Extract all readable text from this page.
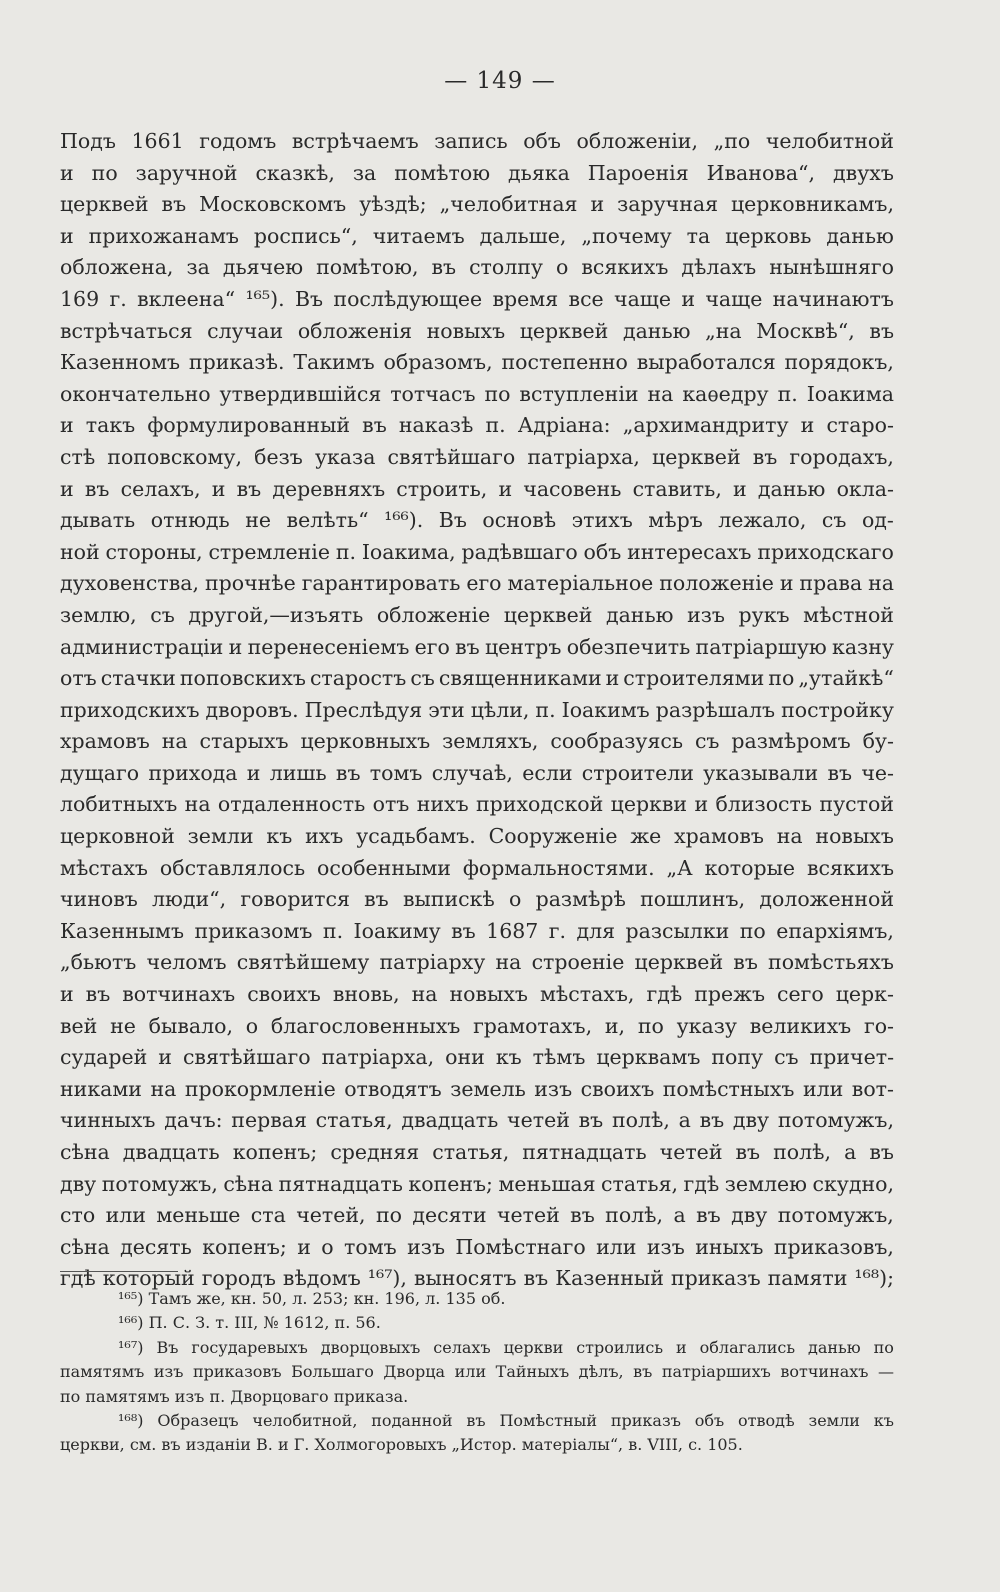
— 149 —
Подъ 1661 годомъ встрѣчаемъ запись объ обложеніи, „по челобитной
и по заручной сказкѣ, за помѣтою дьяка Пароенія Иванова“, двухъ
церквей въ Московскомъ уѣздѣ; „челобитная и заручная церковникамъ,
и прихожанамъ роспись“, читаемъ дальше, „почему та церковь данью
обложена, за дьячею помѣтою, въ столпу о всякихъ дѣлахъ нынѣшняго
169 г. вклеена“ ¹⁶⁵). Въ послѣдующее время все чаще и чаще начинаютъ
встрѣчаться случаи обложенія новыхъ церквей данью „на Москвѣ“, въ
Казенномъ приказѣ. Такимъ образомъ, постепенно выработался порядокъ,
окончательно утвердившійся тотчасъ по вступленіи на каѳедру п. Іоакима
и такъ формулированный въ наказѣ п. Адріана: „архимандриту и старо-
стѣ поповскому, безъ указа святѣйшаго патріарха, церквей въ городахъ,
и въ селахъ, и въ деревняхъ строить, и часовень ставить, и данью окла-
дывать отнюдь не велѣть“ ¹⁶⁶). Въ основѣ этихъ мѣръ лежало, съ од-
ной стороны, стремленіе п. Іоакима, радѣвшаго объ интересахъ приходскаго
духовенства, прочнѣе гарантировать его матеріальное положеніе и права на
землю, съ другой,—изъять обложеніе церквей данью изъ рукъ мѣстной
администраціи и перенесеніемъ его въ центръ обезпечить патріаршую казну
отъ стачки поповскихъ старостъ съ священниками и строителями по „утайкѣ“
приходскихъ дворовъ. Преслѣдуя эти цѣли, п. Іоакимъ разрѣшалъ постройку
храмовъ на старыхъ церковныхъ земляхъ, сообразуясь съ размѣромъ бу-
дущаго прихода и лишь въ томъ случаѣ, если строители указывали въ че-
лобитныхъ на отдаленность отъ нихъ приходской церкви и близость пустой
церковной земли къ ихъ усадьбамъ. Сооруженіе же храмовъ на новыхъ
мѣстахъ обставлялось особенными формальностями. „А которые всякихъ
чиновъ люди“, говорится въ выпискѣ о размѣрѣ пошлинъ, доложенной
Казеннымъ приказомъ п. Іоакиму въ 1687 г. для разсылки по епархіямъ,
„бьютъ челомъ святѣйшему патріарху на строеніе церквей въ помѣстьяхъ
и въ вотчинахъ своихъ вновь, на новыхъ мѣстахъ, гдѣ прежъ сего церк-
вей не бывало, о благословенныхъ грамотахъ, и, по указу великихъ го-
сударей и святѣйшаго патріарха, они къ тѣмъ церквамъ попу съ причет-
никами на прокормленіе отводятъ земель изъ своихъ помѣстныхъ или вот-
чинныхъ дачъ: первая статья, двадцать четей въ полѣ, а въ дву потомужъ,
сѣна двадцать копенъ; средняя статья, пятнадцать четей въ полѣ, а въ
дву потомужъ, сѣна пятнадцать копенъ; меньшая статья, гдѣ землею скудно,
сто или меньше ста четей, по десяти четей въ полѣ, а въ дву потомужъ,
сѣна десять копенъ; и о томъ изъ Помѣстнаго или изъ иныхъ приказовъ,
гдѣ который городъ вѣдомъ ¹⁶⁷), выносятъ въ Казенный приказъ памяти ¹⁶⁸);
¹⁶⁵) Тамъ же, кн. 50, л. 253; кн. 196, л. 135 об.
¹⁶⁶) П. С. З. т. III, № 1612, п. 56.
¹⁶⁷) Въ государевыхъ дворцовыхъ селахъ церкви строились и облагались данью по
памятямъ изъ приказовъ Большаго Дворца или Тайныхъ дѣлъ, въ патріаршихъ вотчинахъ —
по памятямъ изъ п. Дворцоваго приказа.
¹⁶⁸) Образецъ челобитной, поданной въ Помѣстный приказъ объ отводѣ земли къ
церкви, см. въ изданіи В. и Г. Холмогоровыхъ „Истор. матеріалы“, в. VIII, с. 105.
